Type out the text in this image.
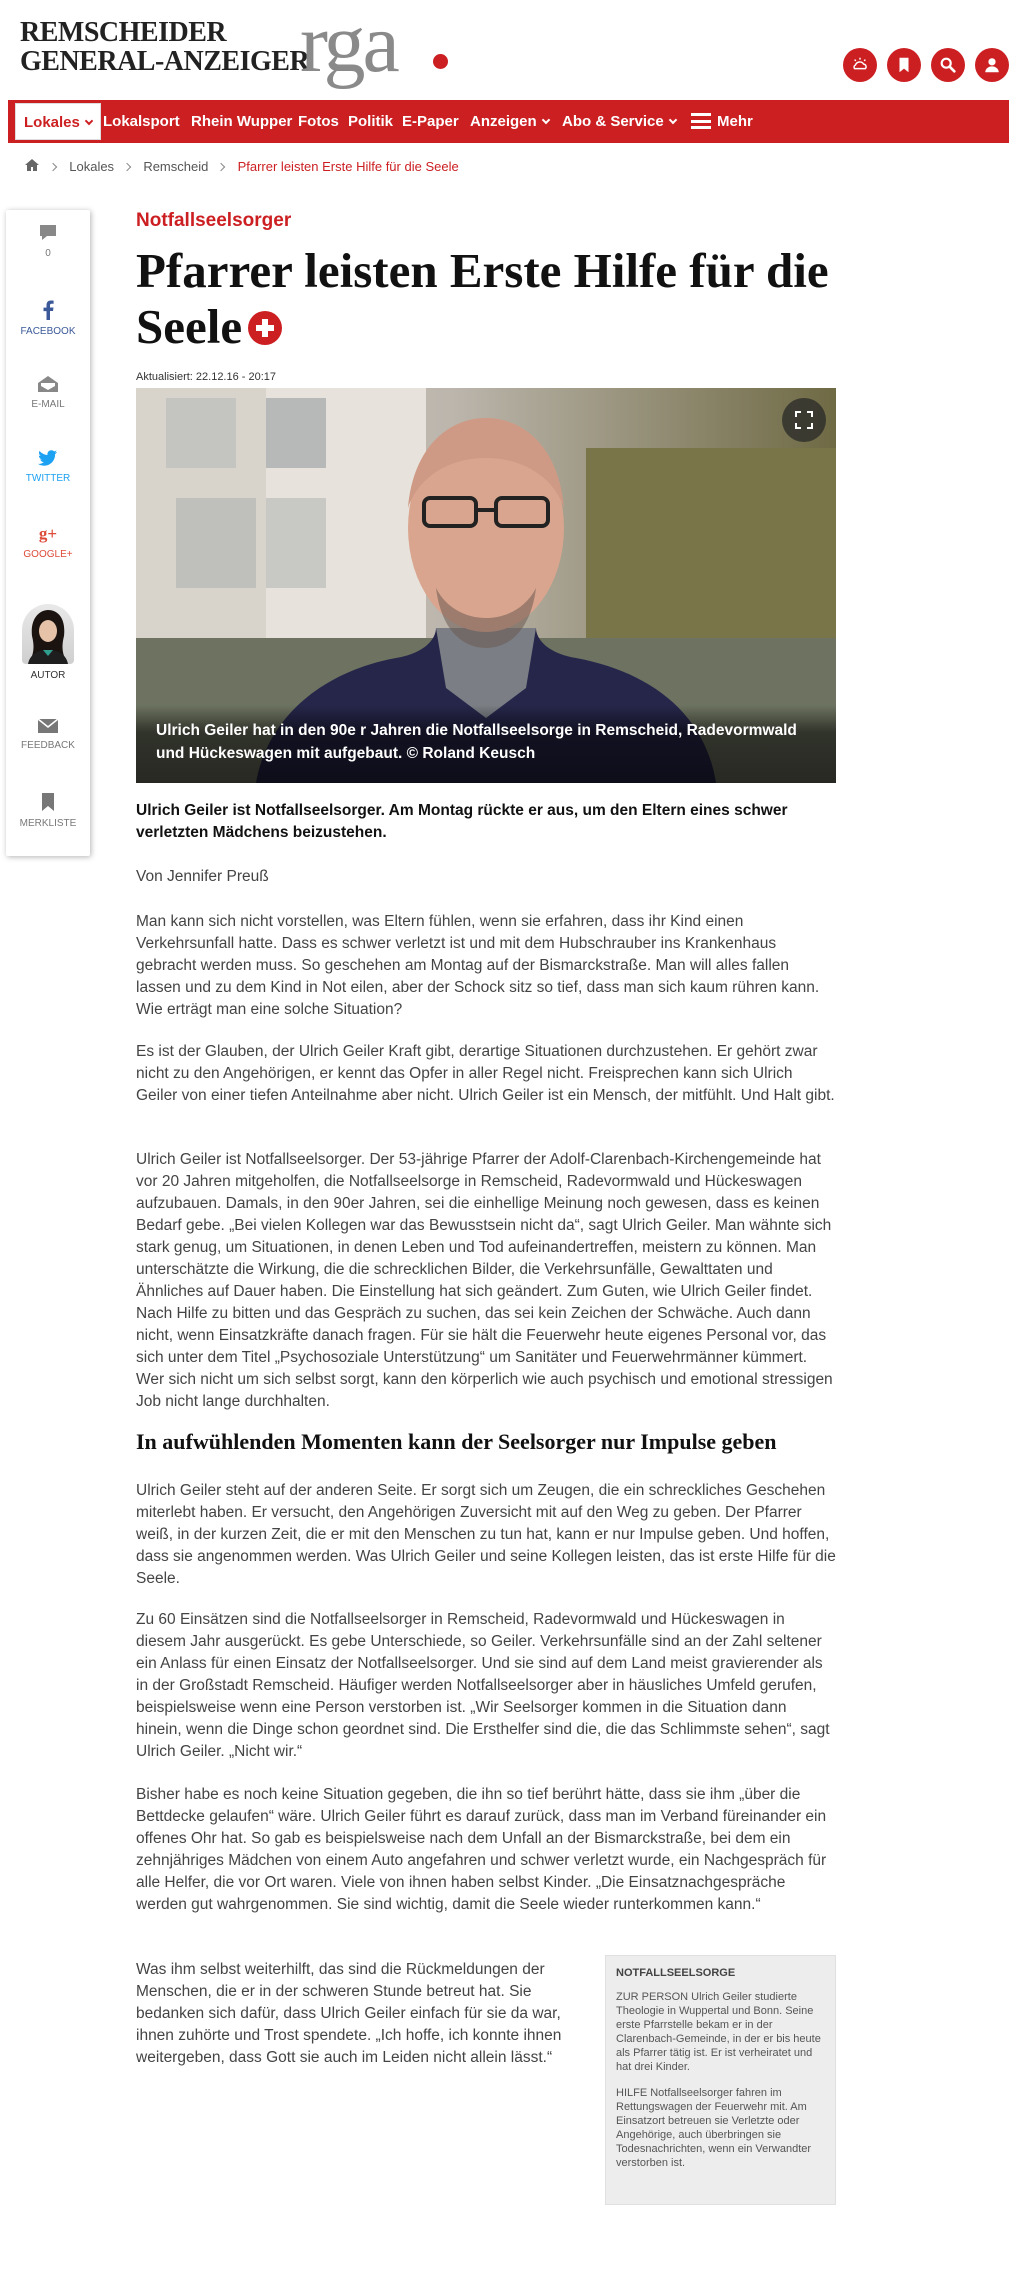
REMSCHEIDER
GENERAL-ANZEIGER
rga
Lokales	Lokalsport Rhein Wupper Fotos Politik E-Paper Anzeigen	Abo & Service	Mehr
Lokales Remscheid Pfarrer leisten Erste Hilfe für die Seele
0
FACEBOOK
E-MAIL
TWITTER
g+
GOOGLE+
AUTOR
FEEDBACK
MERKLISTE
Notfallseelsorger
Pfarrer leisten Erste Hilfe für die Seele
Aktualisiert: 22.12.16 - 20:17
Ulrich Geiler hat in den 90e r Jahren die Notfallseelsorge in Remscheid, Radevormwald und Hückeswagen mit aufgebaut. © Roland Keusch

Ulrich Geiler ist Notfallseelsorger. Am Montag rückte er aus, um den Eltern eines schwer verletzten Mädchens beizustehen.

Von Jennifer Preuß

Man kann sich nicht vorstellen, was Eltern fühlen, wenn sie erfahren, dass ihr Kind einen Verkehrsunfall hatte. Dass es schwer verletzt ist und mit dem Hubschrauber ins Krankenhaus gebracht werden muss. So geschehen am Montag auf der Bismarckstraße. Man will alles fallen lassen und zu dem Kind in Not eilen, aber der Schock sitz so tief, dass man sich kaum rühren kann. Wie erträgt man eine solche Situation?

Es ist der Glauben, der Ulrich Geiler Kraft gibt, derartige Situationen durchzustehen. Er gehört zwar nicht zu den Angehörigen, er kennt das Opfer in aller Regel nicht. Freisprechen kann sich Ulrich Geiler von einer tiefen Anteilnahme aber nicht. Ulrich Geiler ist ein Mensch, der mitfühlt. Und Halt gibt.

Ulrich Geiler ist Notfallseelsorger. Der 53-jährige Pfarrer der Adolf-Clarenbach-Kirchengemeinde hat vor 20 Jahren mitgeholfen, die Notfallseelsorge in Remscheid, Radevormwald und Hückeswagen aufzubauen. Damals, in den 90er Jahren, sei die einhellige Meinung noch gewesen, dass es keinen Bedarf gebe. „Bei vielen Kollegen war das Bewusstsein nicht da“, sagt Ulrich Geiler. Man wähnte sich stark genug, um Situationen, in denen Leben und Tod aufeinandertreffen, meistern zu können. Man unterschätzte die Wirkung, die die schrecklichen Bilder, die Verkehrsunfälle, Gewalttaten und Ähnliches auf Dauer haben. Die Einstellung hat sich geändert. Zum Guten, wie Ulrich Geiler findet. Nach Hilfe zu bitten und das Gespräch zu suchen, das sei kein Zeichen der Schwäche. Auch dann nicht, wenn Einsatzkräfte danach fragen. Für sie hält die Feuerwehr heute eigenes Personal vor, das sich unter dem Titel „Psychosoziale Unterstützung“ um Sanitäter und Feuerwehrmänner kümmert. Wer sich nicht um sich selbst sorgt, kann den körperlich wie auch psychisch und emotional stressigen Job nicht lange durchhalten.

In aufwühlenden Momenten kann der Seelsorger nur Impulse geben

Ulrich Geiler steht auf der anderen Seite. Er sorgt sich um Zeugen, die ein schreckliches Geschehen miterlebt haben. Er versucht, den Angehörigen Zuversicht mit auf den Weg zu geben. Der Pfarrer weiß, in der kurzen Zeit, die er mit den Menschen zu tun hat, kann er nur Impulse geben. Und hoffen, dass sie angenommen werden. Was Ulrich Geiler und seine Kollegen leisten, das ist erste Hilfe für die Seele.

Zu 60 Einsätzen sind die Notfallseelsorger in Remscheid, Radevormwald und Hückeswagen in diesem Jahr ausgerückt. Es gebe Unterschiede, so Geiler. Verkehrsunfälle sind an der Zahl seltener ein Anlass für einen Einsatz der Notfallseelsorger. Und sie sind auf dem Land meist gravierender als in der Großstadt Remscheid. Häufiger werden Notfallseelsorger aber in häusliches Umfeld gerufen, beispielsweise wenn eine Person verstorben ist. „Wir Seelsorger kommen in die Situation dann hinein, wenn die Dinge schon geordnet sind. Die Ersthelfer sind die, die das Schlimmste sehen“, sagt Ulrich Geiler. „Nicht wir.“

Bisher habe es noch keine Situation gegeben, die ihn so tief berührt hätte, dass sie ihm „über die Bettdecke gelaufen“ wäre. Ulrich Geiler führt es darauf zurück, dass man im Verband füreinander ein offenes Ohr hat. So gab es beispielsweise nach dem Unfall an der Bismarckstraße, bei dem ein zehnjähriges Mädchen von einem Auto angefahren und schwer verletzt wurde, ein Nachgespräch für alle Helfer, die vor Ort waren. Viele von ihnen haben selbst Kinder. „Die Einsatznachgespräche werden gut wahrgenommen. Sie sind wichtig, damit die Seele wieder runterkommen kann.“

Was ihm selbst weiterhilft, das sind die Rückmeldungen der Menschen, die er in der schweren Stunde betreut hat. Sie bedanken sich dafür, dass Ulrich Geiler einfach für sie da war, ihnen zuhörte und Trost spendete. „Ich hoffe, ich konnte ihnen weitergeben, dass Gott sie auch im Leiden nicht allein lässt.“

NOTFALLSEELSORGE

ZUR PERSON Ulrich Geiler studierte Theologie in Wuppertal und Bonn. Seine erste Pfarrstelle bekam er in der Clarenbach-Gemeinde, in der er bis heute als Pfarrer tätig ist. Er ist verheiratet und hat drei Kinder.

HILFE Notfallseelsorger fahren im Rettungswagen der Feuerwehr mit. Am Einsatzort betreuen sie Verletzte oder Angehörige, auch überbringen sie Todesnachrichten, wenn ein Verwandter verstorben ist.
